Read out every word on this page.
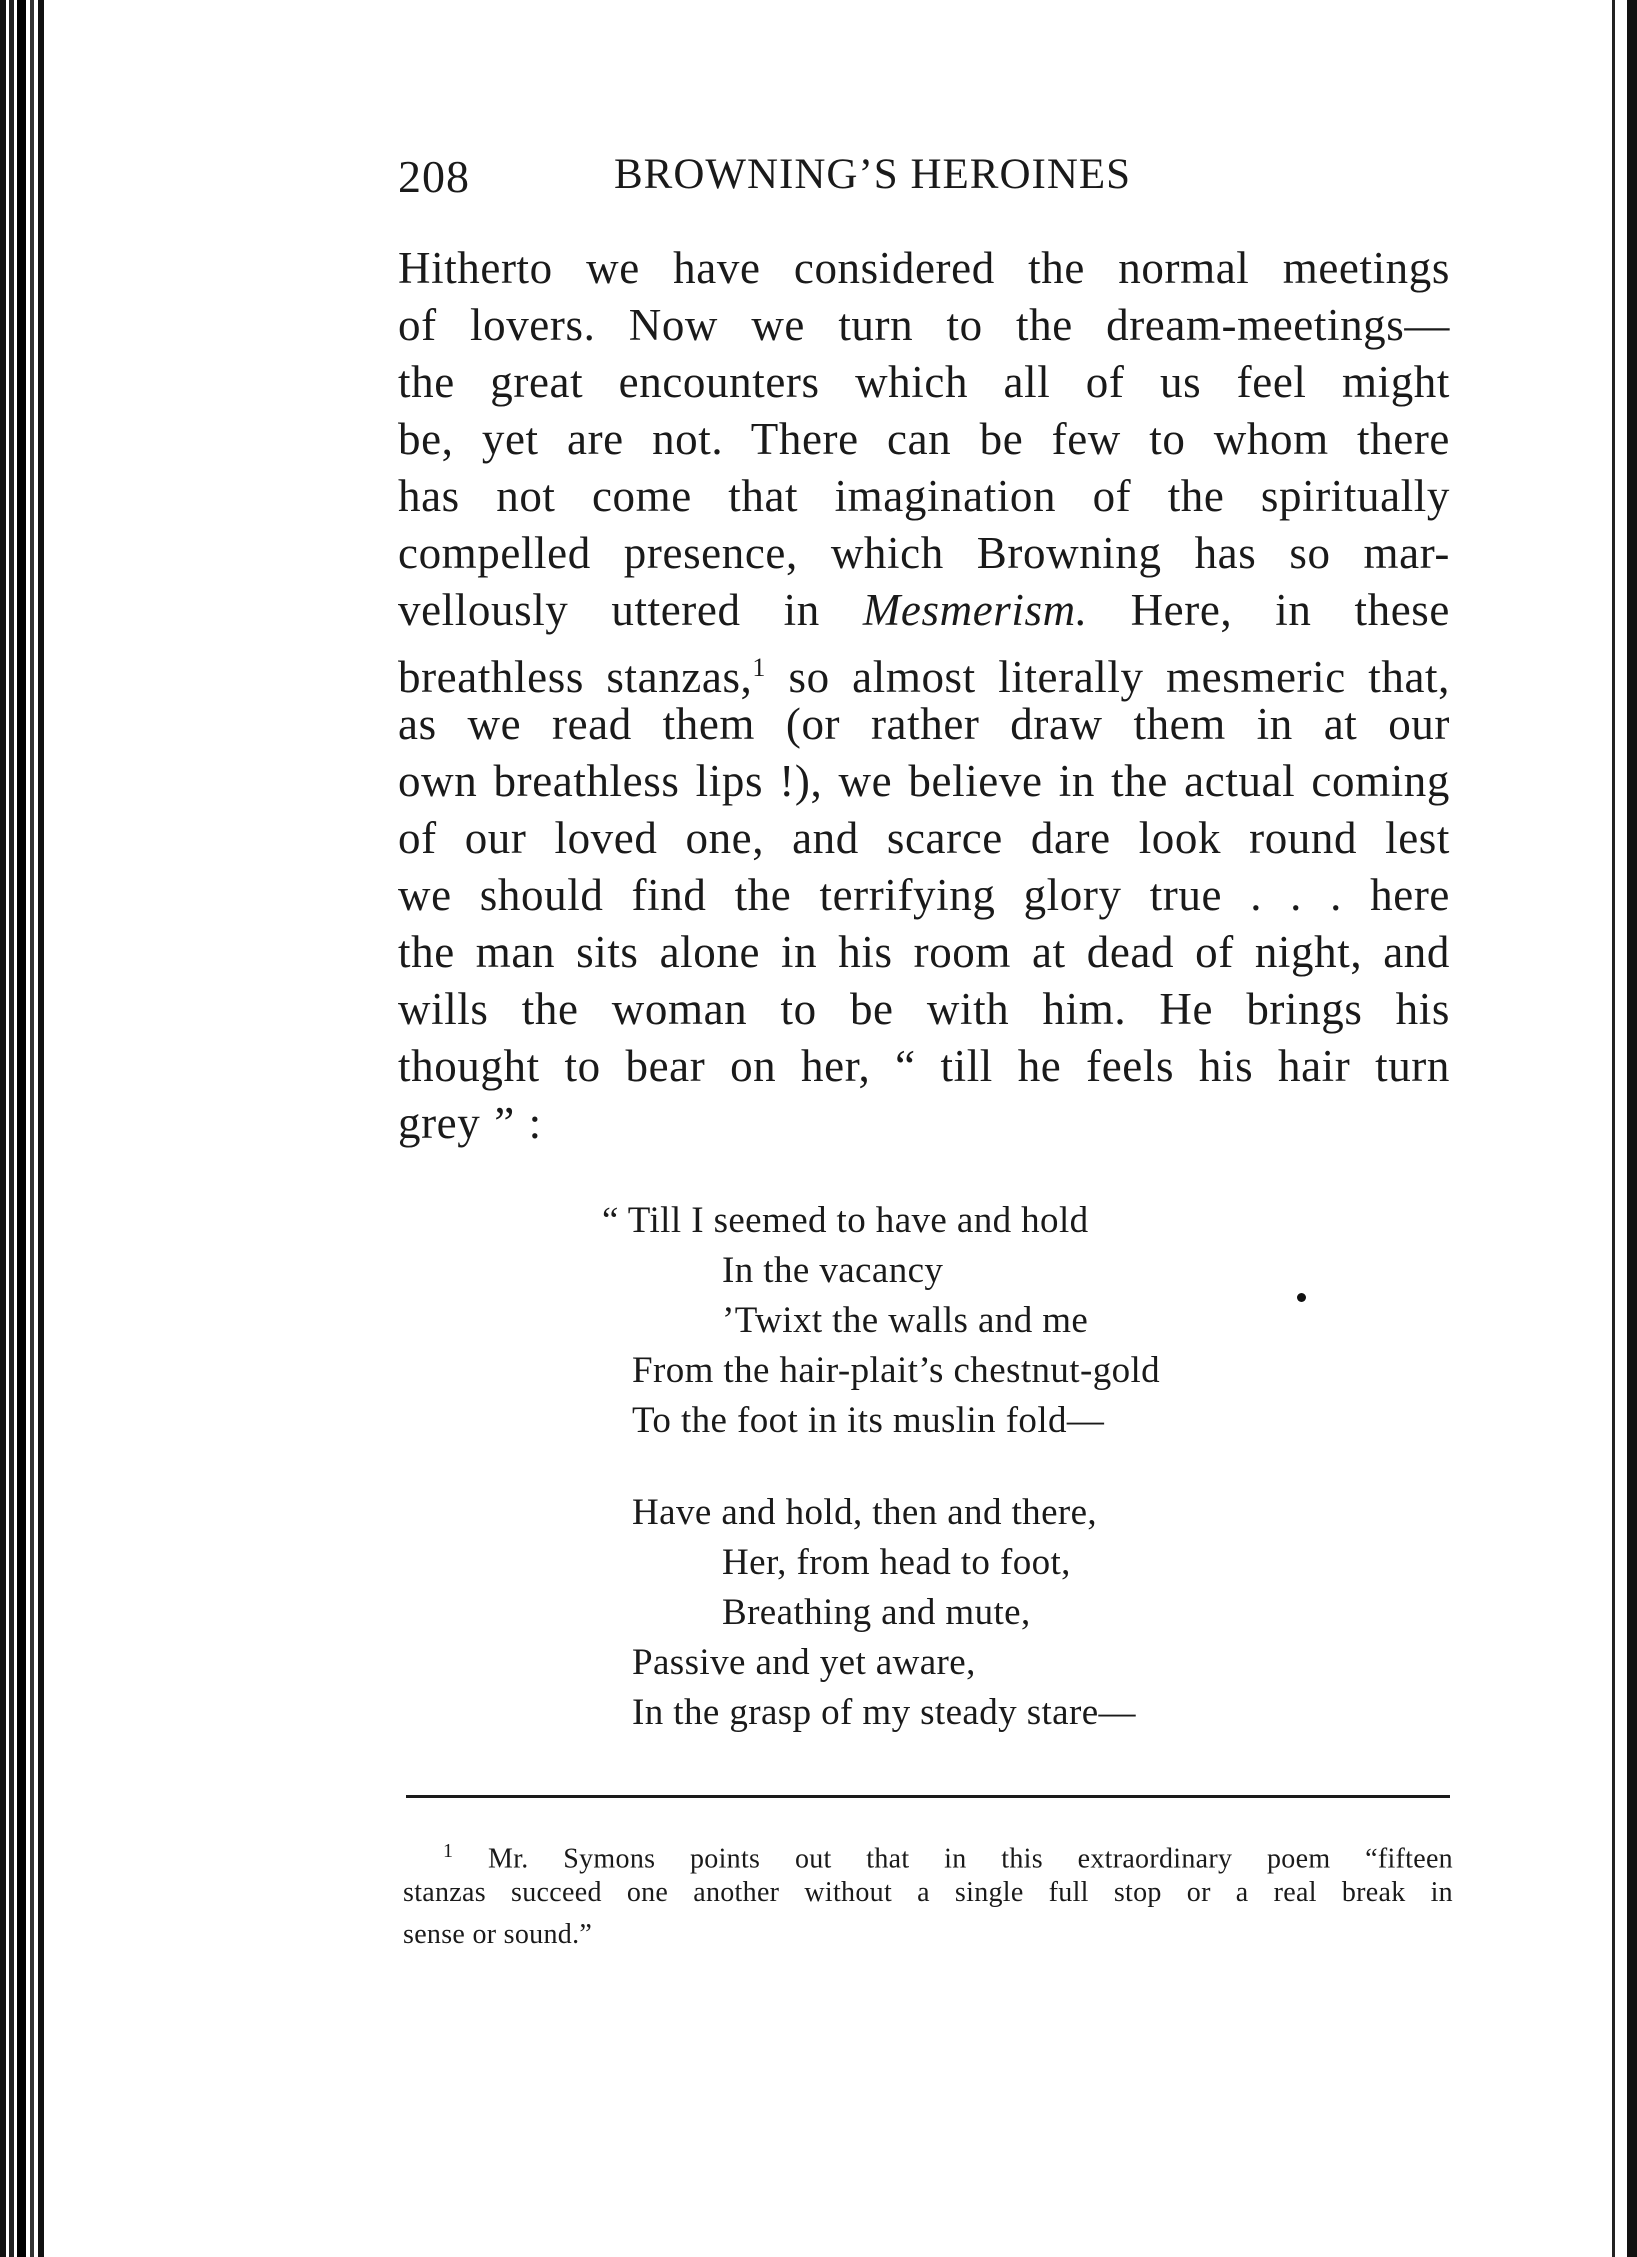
208	BROWNING’S HEROINES
Hitherto we have considered the normal meetings
of lovers. Now we turn to the dream-meetings—
the great encounters which all of us feel might
be, yet are not. There can be few to whom there
has not come that imagination of the spiritually
compelled presence, which Browning has so mar-
vellously uttered in Mesmerism. Here, in these
breathless stanzas,$^1$ so almost literally mesmeric that,
as we read them (or rather draw them in at our
own breathless lips !), we believe in the actual coming
of our loved one, and scarce dare look round lest
we should find the terrifying glory true . . . here
the man sits alone in his room at dead of night, and
wills the woman to be with him. He brings his
thought to bear on her, “ till he feels his hair turn
grey ” :
“ Till I seemed to have and hold
In the vacancy
’Twixt the walls and me
From the hair-plait’s chestnut-gold
To the foot in its muslin fold—
Have and hold, then and there,
Her, from head to foot,
Breathing and mute,
Passive and yet aware,
In the grasp of my steady stare—
$^1$ Mr. Symons points out that in this extraordinary poem “fifteen
stanzas succeed one another without a single full stop or a real break in
sense or sound.”
